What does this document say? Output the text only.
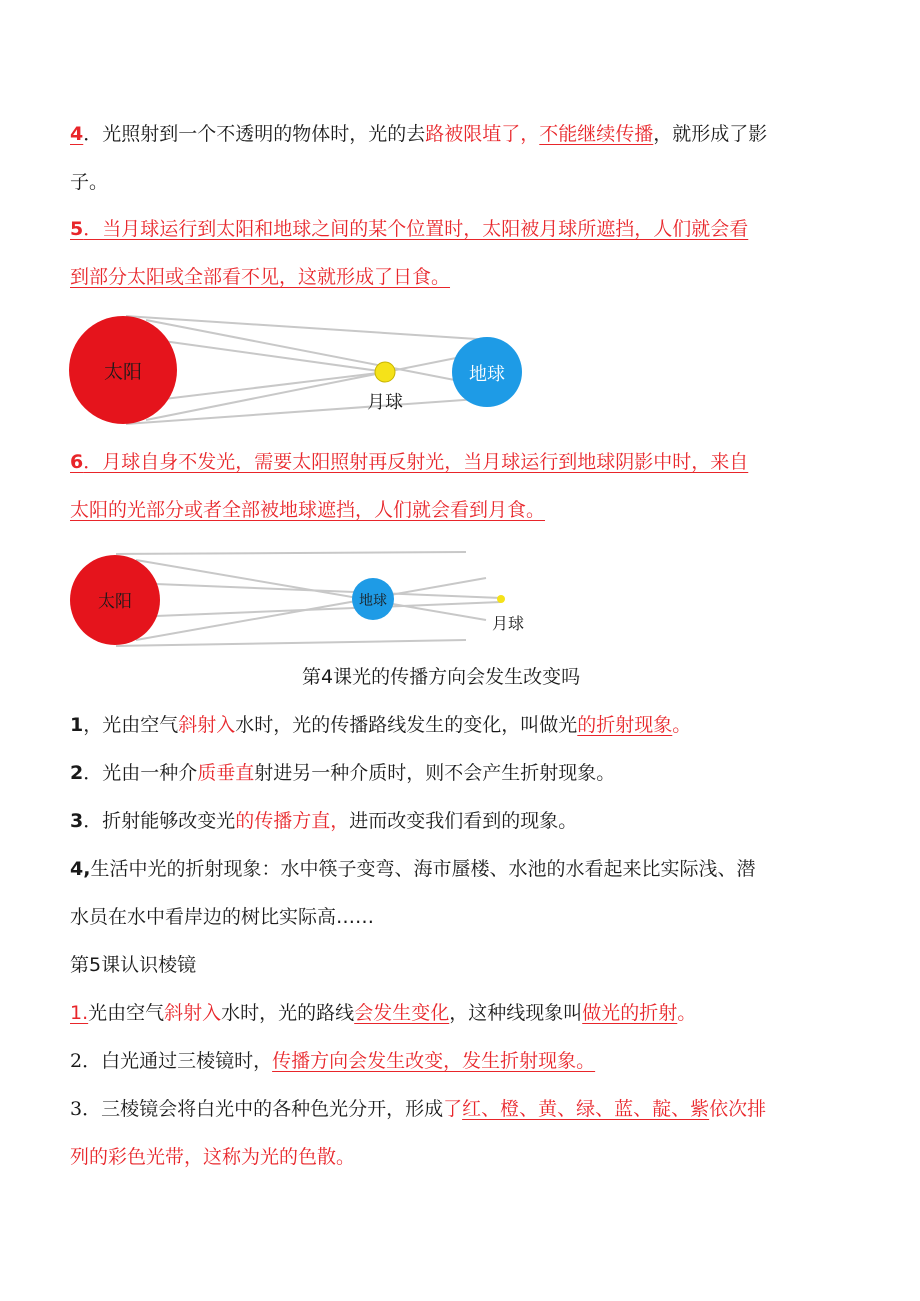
4．光照射到一个不透明的物体时，光的去路被限埴了，不能继续传播，就形成了影
子。
5．当月球运行到太阳和地球之间的某个位置时，太阳被月球所遮挡，人们就会看
到部分太阳或全部看不见，这就形成了日食。
太阳	地球
月球
6．月球自身不发光，需要太阳照射再反射光，当月球运行到地球阴影中时，来自
太阳的光部分或者全部被地球遮挡，人们就会看到月食。
太阳	地球
月球
第4课光的传播方向会发生改变吗
1，光由空气斜射入水时，光的传播路线发生的变化，叫做光的折射现象。
2．光由一种介质垂直射进另一种介质时，则不会产生折射现象。
3．折射能够改变光的传播方直，进而改变我们看到的现象。
4,生活中光的折射现象：水中筷子变弯、海市蜃楼、水池的水看起来比实际浅、潜
水员在水中看岸边的树比实际高……
第5课认识棱镜
1.光由空气斜射入水时，光的路线会发生变化，这种线现象叫做光的折射。
2．白光通过三棱镜时，传播方向会发生改变，发生折射现象。
3．三棱镜会将白光中的各种色光分开，形成了红、橙、黄、绿、蓝、靛、紫依次排
列的彩色光带，这称为光的色散。
